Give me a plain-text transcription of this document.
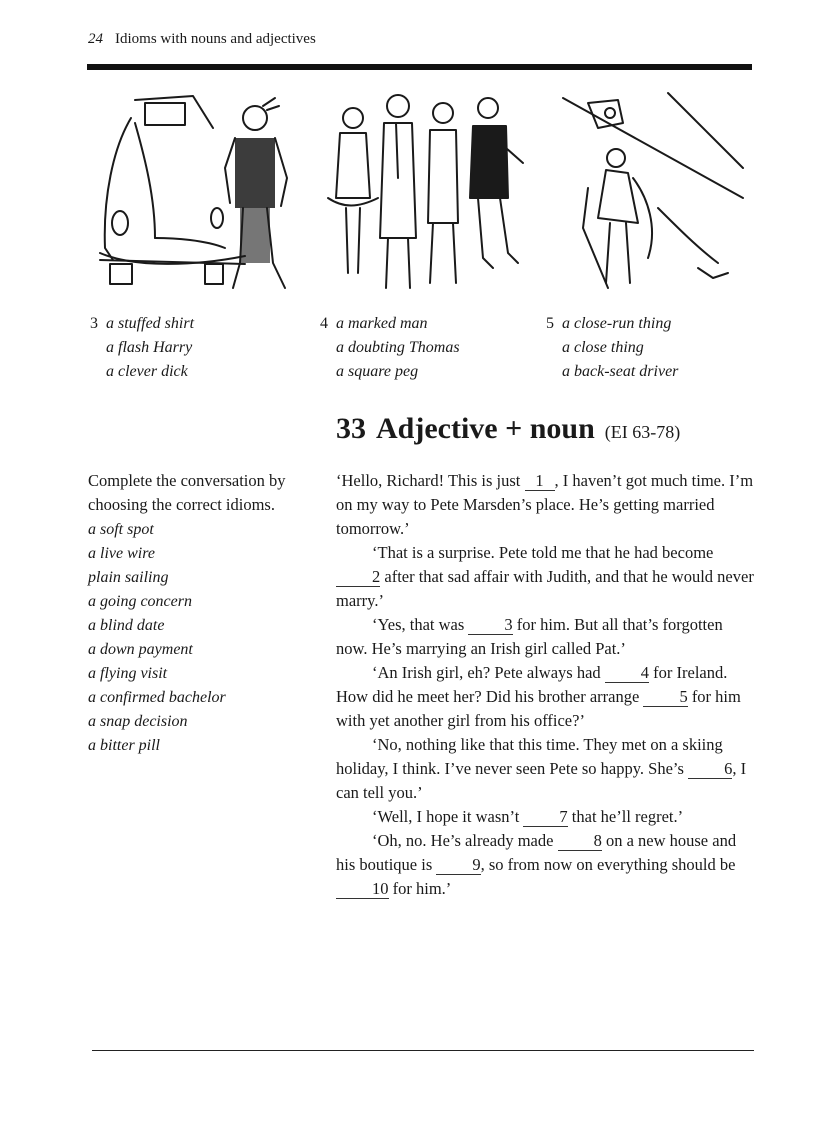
24 Idioms with nouns and adjectives
3 a stuffed shirt
a flash Harry
a clever dick
4 a marked man
a doubting Thomas
a square peg
5 a close-run thing
a close thing
a back-seat driver
33 Adjective + noun (EI 63-78)
Complete the conversation by choosing the correct idioms.
a soft spot
a live wire
plain sailing
a going concern
a blind date
a down payment
a flying visit
a confirmed bachelor
a snap decision
a bitter pill

‘Hello, Richard! This is just 1 , I haven’t got much time. I’m on my way to Pete Marsden’s place. He’s getting married tomorrow.’

‘That is a surprise. Pete told me that he had become 2 after that sad affair with Judith, and that he would never marry.’

‘Yes, that was 3 for him. But all that’s forgotten now. He’s marrying an Irish girl called Pat.’

‘An Irish girl, eh? Pete always had 4 for Ireland. How did he meet her? Did his brother arrange 5 for him with yet another girl from his office?’

‘No, nothing like that this time. They met on a skiing holiday, I think. I’ve never seen Pete so happy. She’s 6, I can tell you.’

‘Well, I hope it wasn’t 7 that he’ll regret.’

‘Oh, no. He’s already made 8 on a new house and his boutique is 9, so from now on everything should be 10 for him.’
